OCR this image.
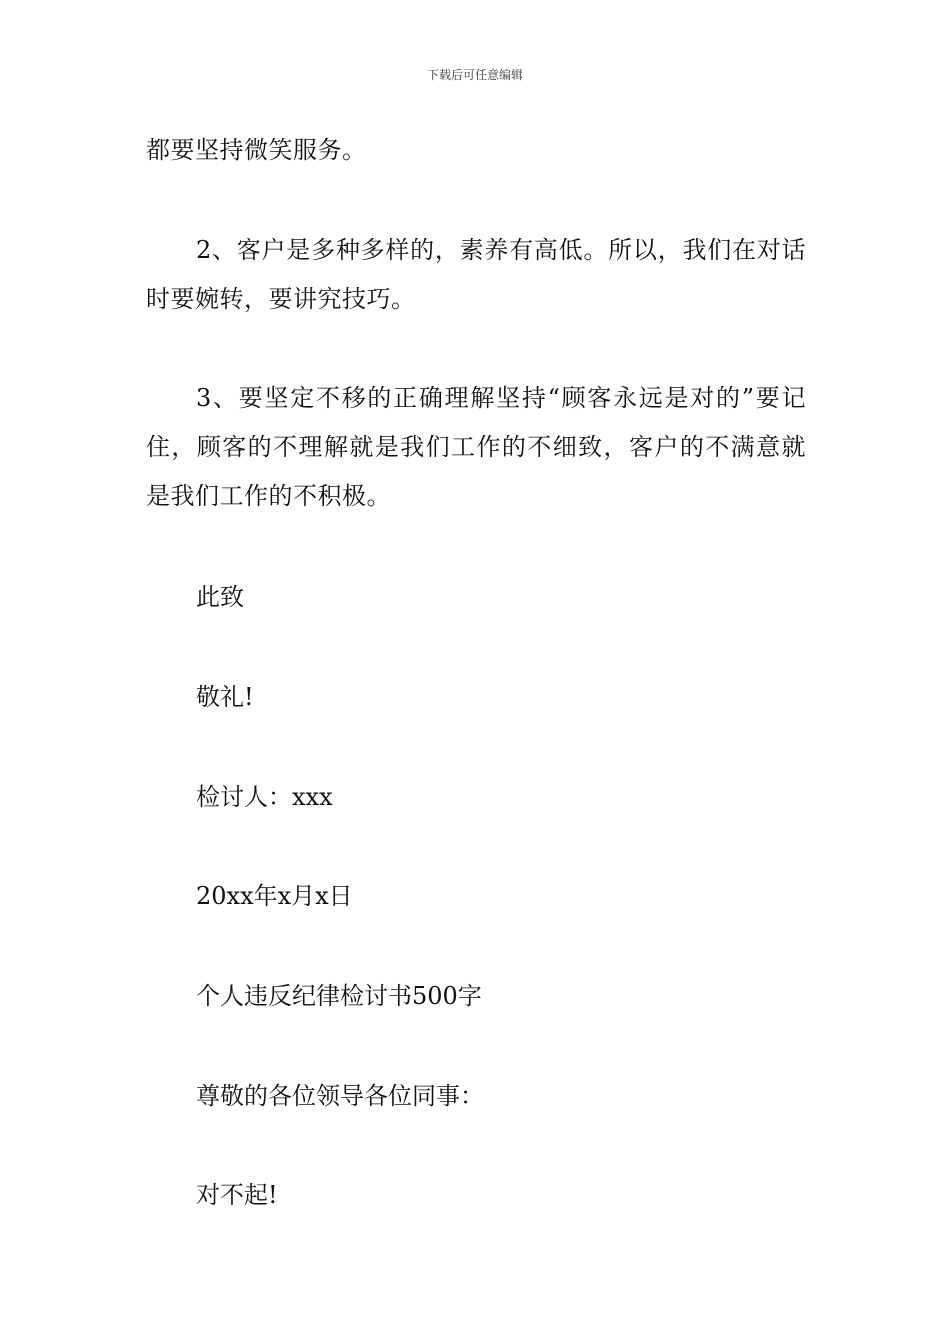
下载后可任意编辑

都要坚持微笑服务。

2、客户是多种多样的，素养有高低。所以，我们在对话时要婉转，要讲究技巧。

3、要坚定不移的正确理解坚持“顾客永远是对的”要记住，顾客的不理解就是我们工作的不细致，客户的不满意就是我们工作的不积极。

此致

敬礼!

检讨人：xxx

20xx年x月x日

个人违反纪律检讨书500字

尊敬的各位领导各位同事：

对不起!
